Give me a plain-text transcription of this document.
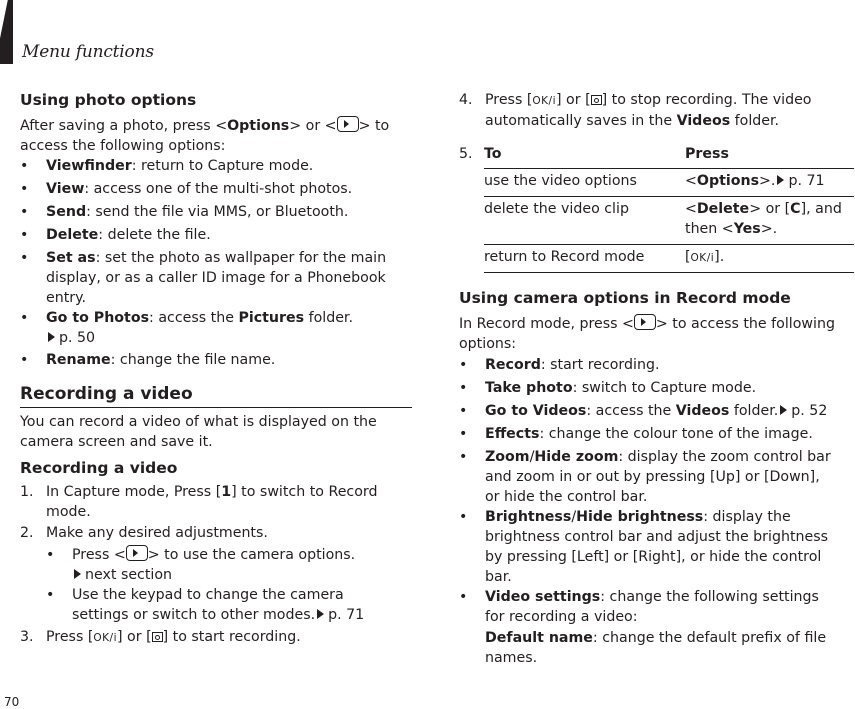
Menu functions
70
Using photo options
After saving a photo, press <Options> or < > to
access the following options:
• Viewfinder: return to Capture mode.
• View: access one of the multi-shot photos.
• Send: send the file via MMS, or Bluetooth.
• Delete: delete the file.
• Set as: set the photo as wallpaper for the main
display, or as a caller ID image for a Phonebook
entry.
• Go to Photos: access the Pictures folder.
p. 50
• Rename: change the file name.
Recording a video
You can record a video of what is displayed on the
camera screen and save it.
Recording a video
1. In Capture mode, Press [1] to switch to Record
mode.
2. Make any desired adjustments.
• Press < > to use the camera options.
next section
• Use the keypad to change the camera
settings or switch to other modes. p. 71
3. Press [OK/i] or [ ] to start recording.
4. Press [OK/i] or [ ] to stop recording. The video
automatically saves in the Videos folder.
5. To	Press
use the video options	<Options>. p. 71
delete the video clip	<Delete> or [C], and
then <Yes>.
return to Record mode	[OK/i].
Using camera options in Record mode
In Record mode, press < > to access the following
options:
• Record: start recording.
• Take photo: switch to Capture mode.
• Go to Videos: access the Videos folder. p. 52
• Effects: change the colour tone of the image.
• Zoom/Hide zoom: display the zoom control bar
and zoom in or out by pressing [Up] or [Down],
or hide the control bar.
• Brightness/Hide brightness: display the
brightness control bar and adjust the brightness
by pressing [Left] or [Right], or hide the control
bar.
• Video settings: change the following settings
for recording a video:
Default name: change the default prefix of file
names.
